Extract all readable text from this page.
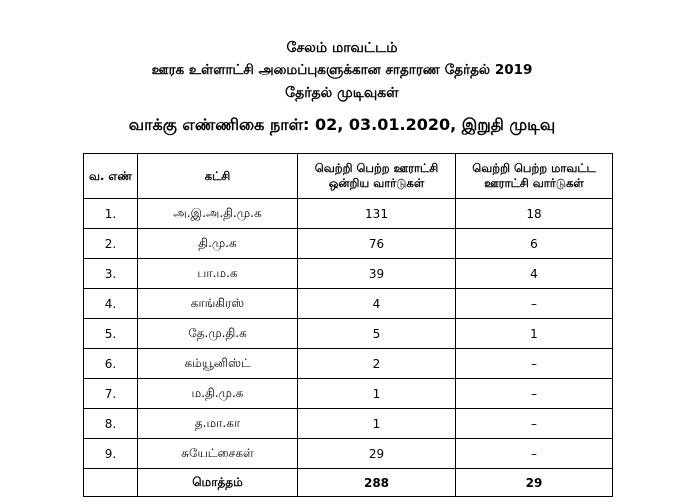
சேலம் மாவட்டம்
ஊரக உள்ளாட்சி அமைப்புகளுக்கான சாதாரண தேர்தல் 2019
தேர்தல் முடிவுகள்
வாக்கு எண்ணிகை நாள்: 02, 03.01.2020, இறுதி முடிவு
வ. எண்	கட்சி	வெற்றி பெற்ற ஊராட்சி ஒன்றிய வார்டுகள்	வெற்றி பெற்ற மாவட்ட ஊராட்சி வார்டுகள்
1.	அ.இ.அ.தி.மு.க	131	18
2.	தி.மு.க	76	6
3.	பா.ம.க	39	4
4.	காங்கிரஸ்	4	–
5.	தே.மு.தி.க	5	1
6.	கம்யூனிஸ்ட்	2	–
7.	ம.தி.மு.க	1	–
8.	த.மா.கா	1	–
9.	சுயேட்சைகள்	29	–
	மொத்தம்	288	29
